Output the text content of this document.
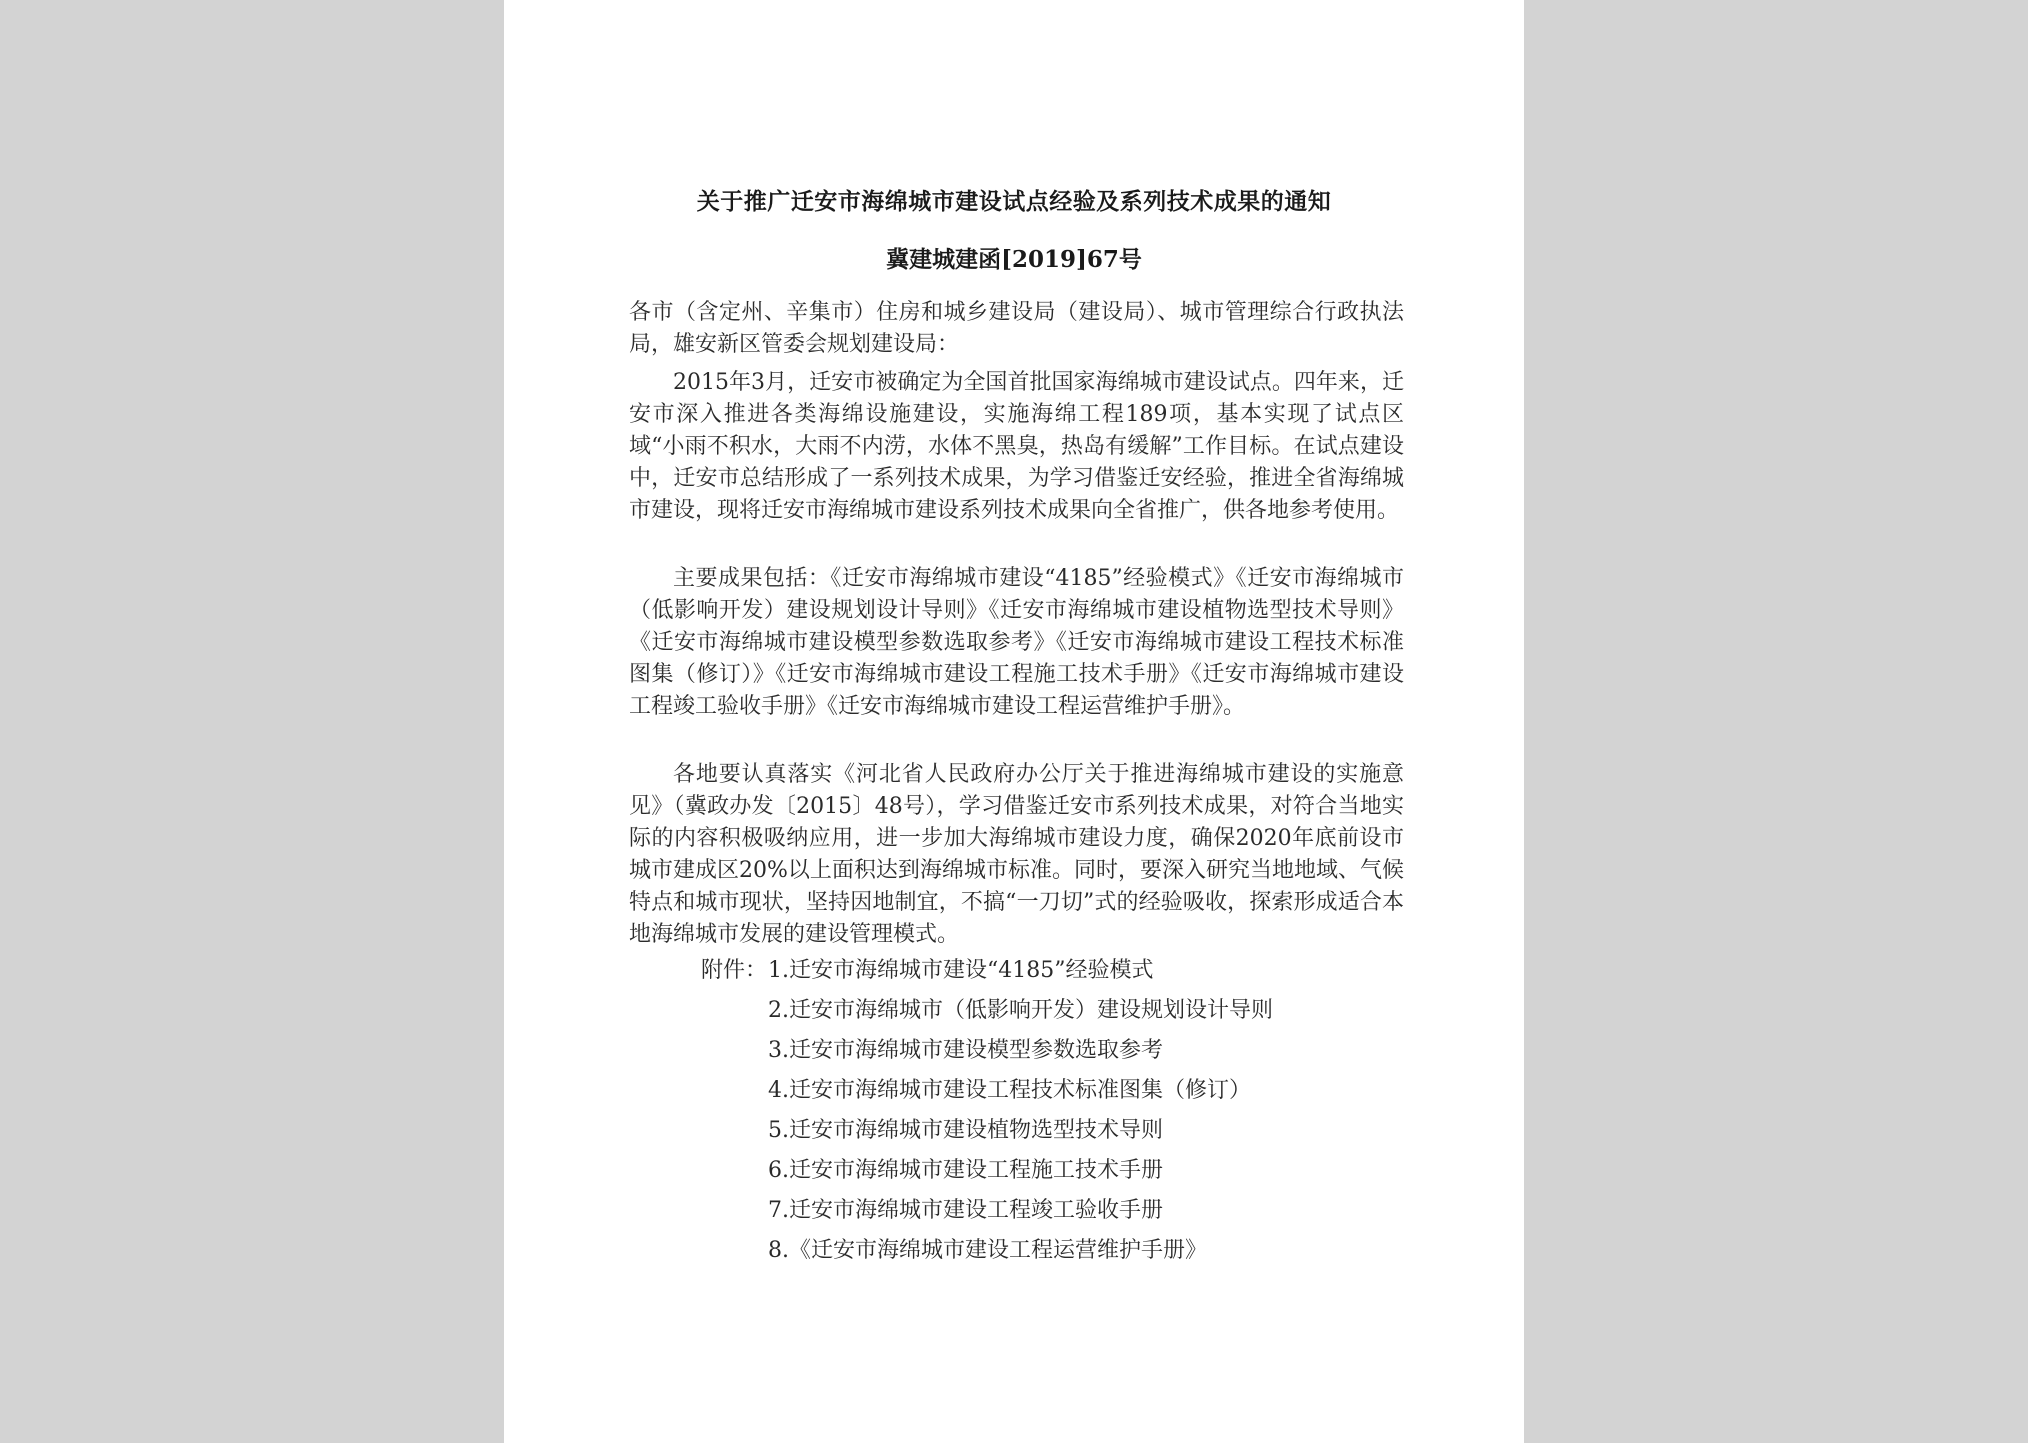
关于推广迁安市海绵城市建设试点经验及系列技术成果的通知
冀建城建函[2019]67号

各市（含定州、辛集市）住房和城乡建设局（建设局）、城市管理综合行政执法局，雄安新区管委会规划建设局：

2015年3月，迁安市被确定为全国首批国家海绵城市建设试点。四年来，迁安市深入推进各类海绵设施建设，实施海绵工程189项，基本实现了试点区域“小雨不积水，大雨不内涝，水体不黑臭，热岛有缓解”工作目标。在试点建设中，迁安市总结形成了一系列技术成果，为学习借鉴迁安经验，推进全省海绵城市建设，现将迁安市海绵城市建设系列技术成果向全省推广，供各地参考使用。

主要成果包括：《迁安市海绵城市建设“4185”经验模式》《迁安市海绵城市（低影响开发）建设规划设计导则》《迁安市海绵城市建设植物选型技术导则》《迁安市海绵城市建设模型参数选取参考》《迁安市海绵城市建设工程技术标准图集（修订）》《迁安市海绵城市建设工程施工技术手册》《迁安市海绵城市建设工程竣工验收手册》《迁安市海绵城市建设工程运营维护手册》。

各地要认真落实《河北省人民政府办公厅关于推进海绵城市建设的实施意见》（冀政办发〔2015〕48号），学习借鉴迁安市系列技术成果，对符合当地实际的内容积极吸纳应用，进一步加大海绵城市建设力度，确保2020年底前设市城市建成区20%以上面积达到海绵城市标准。同时，要深入研究当地地域、气候特点和城市现状，坚持因地制宜，不搞“一刀切”式的经验吸收，探索形成适合本地海绵城市发展的建设管理模式。

附件： 1.迁安市海绵城市建设“4185”经验模式
2.迁安市海绵城市（低影响开发）建设规划设计导则
3.迁安市海绵城市建设模型参数选取参考
4.迁安市海绵城市建设工程技术标准图集（修订）
5.迁安市海绵城市建设植物选型技术导则
6.迁安市海绵城市建设工程施工技术手册
7.迁安市海绵城市建设工程竣工验收手册
8.《迁安市海绵城市建设工程运营维护手册》
